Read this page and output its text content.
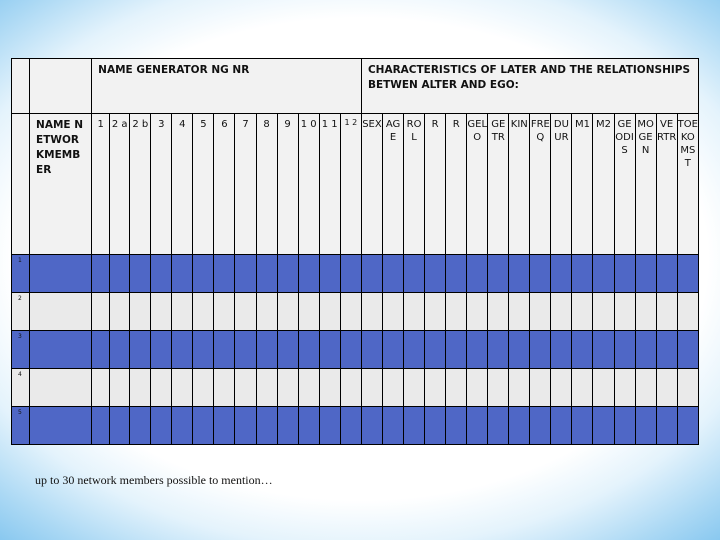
		NAME GENERATOR NG NR													CHARACTERISTICS OF LATER AND THE RELATIONSHIPS BETWEN ALTER AND EGO:															

	NAME NETWORKMEMBER	1	2 a	2 b	3	4	5	6	7	8	9	1 0	1 1	1 2	SEX	AGE	ROL	R	R	GELO	GETR	KIN	FREQ	DUUR	M1	M2	GEODIS	MOGEN	VERTR	TOEKOMST

1																														
2																														
3																														
4																														
5																														
up to 30 network members possible to mention…
